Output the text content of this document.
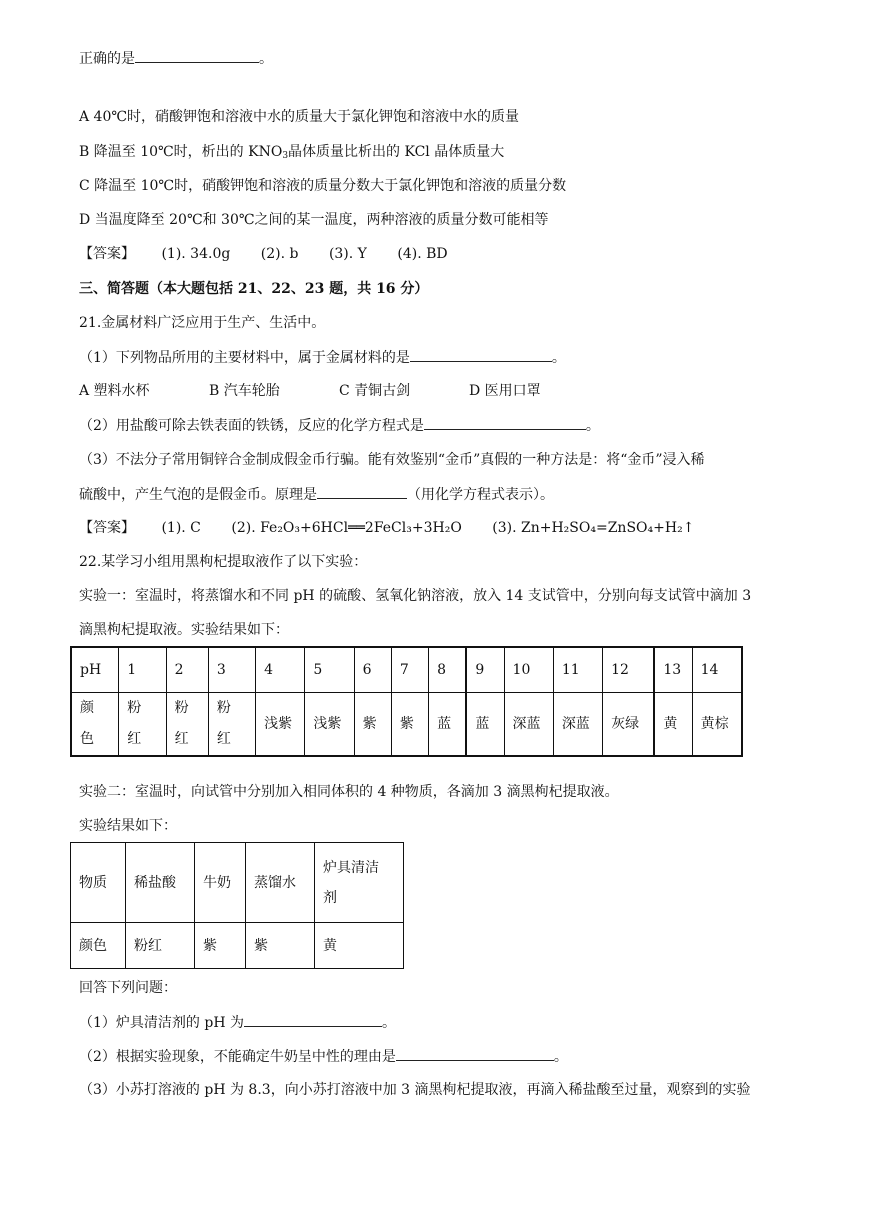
正确的是	。
A 40℃时，硝酸钾饱和溶液中水的质量大于氯化钾饱和溶液中水的质量
B 降温至 10℃时，析出的 $KNO_3$晶体质量比析出的 KCl 晶体质量大
C 降温至 10℃时，硝酸钾饱和溶液的质量分数大于氯化钾饱和溶液的质量分数
D 当温度降至 20℃和 30℃之间的某一温度，两种溶液的质量分数可能相等
【答案】 (1). 34.0g (2). b (3). Y (4). BD
三、简答题（本大题包括 21、22、23 题，共 16 分）
21.金属材料广泛应用于生产、生活中。
（1）下列物品所用的主要材料中，属于金属材料的是	。
A 塑料水杯	B 汽车轮胎	C 青铜古剑	D 医用口罩
（2）用盐酸可除去铁表面的铁锈，反应的化学方程式是	。
（3）不法分子常用铜锌合金制成假金币行骗。能有效鉴别“金币”真假的一种方法是：将“金币”浸入稀
硫酸中，产生气泡的是假金币。原理是	（用化学方程式表示）。
【答案】 (1). C (2). Fe₂O₃+6HCl══2FeCl₃+3H₂O (3). Zn+H₂SO₄=ZnSO₄+H₂↑
22.某学习小组用黑枸杞提取液作了以下实验：
实验一：室温时，将蒸馏水和不同 pH 的硫酸、氢氧化钠溶液，放入 14 支试管中，分别向每支试管中滴加 3
滴黑枸杞提取液。实验结果如下：
pH	1	2	3	4	5	6	7	8	9	10	11	12	13	14

颜色	粉红	粉红	粉红	浅紫	浅紫	紫	紫	蓝	蓝	深蓝	深蓝	灰绿	黄	黄棕
实验二：室温时，向试管中分别加入相同体积的 4 种物质，各滴加 3 滴黑枸杞提取液。
实验结果如下：
物质	稀盐酸	牛奶	蒸馏水	炉具清洁剂

颜色	粉红	紫	紫	黄
回答下列问题：
（1）炉具清洁剂的 pH 为	。
（2）根据实验现象，不能确定牛奶呈中性的理由是	。
（3）小苏打溶液的 pH 为 8.3，向小苏打溶液中加 3 滴黑枸杞提取液，再滴入稀盐酸至过量，观察到的实验
